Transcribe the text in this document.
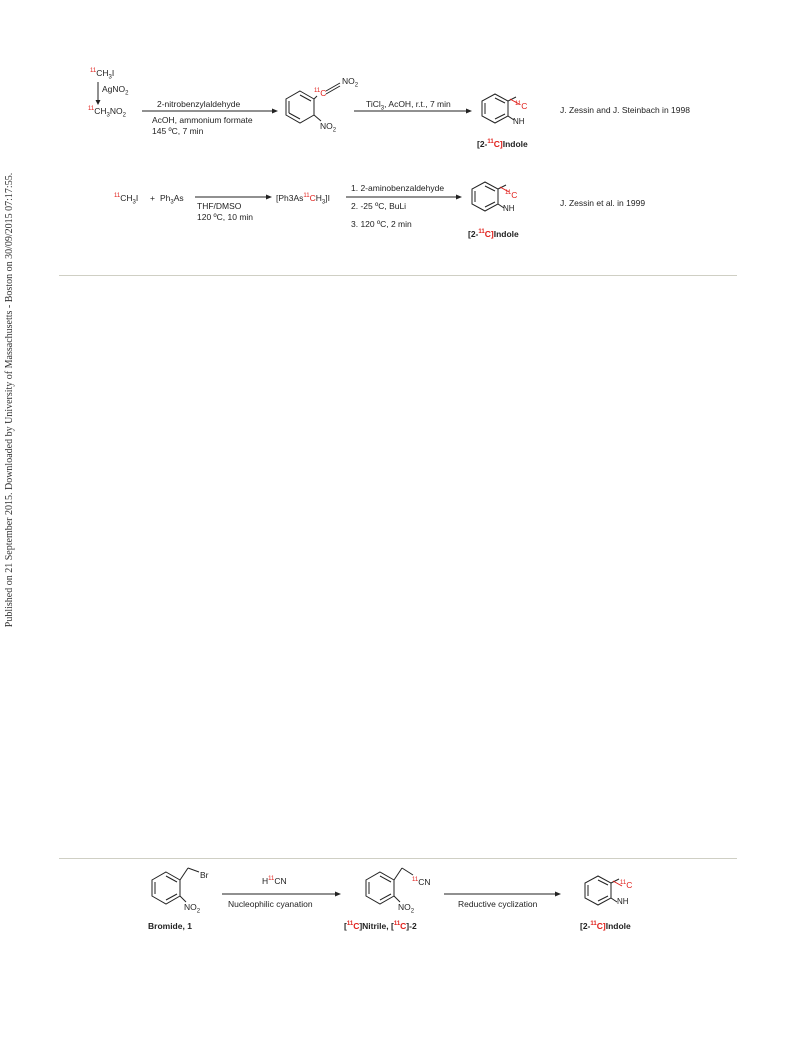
Published on 21 September 2015. Downloaded by University of Massachusetts - Boston on 30/09/2015 07:17:55.
$^{11}CH_3I$
AgNO$_2$
$^{11}CH_3NO_2$
2-nitrobenzylaldehyde
AcOH, ammonium formate
145 ºC, 7 min
$NO_2$
$^{11}$C
$NO_2$
TiCl$_3$, AcOH, r.t., 7 min	$^{11}$C
NH
[2-$^{11}$C]Indole
J. Zessin and J. Steinbach in 1998
$^{11}CH_3I + Ph_3As$
THF/DMSO
120 ºC, 10 min
$[Ph3As^{11}CH_3]I$
1. 2-aminobenzaldehyde
2. -25 ºC, BuLi
3. 120 ºC, 2 min
$^{11}$C
NH
[2-$^{11}$C]Indole
J. Zessin et al. in 1999
Br
$NO_2$
Bromide, 1
$H^{11}CN$
Nucleophilic cyanation
$^{11}$CN
$NO_2$
[$^{11}$C]Nitrile, [$^{11}$C]-2
Reductive cyclization
$^{11}$C
NH
[2-$^{11}$C]Indole
